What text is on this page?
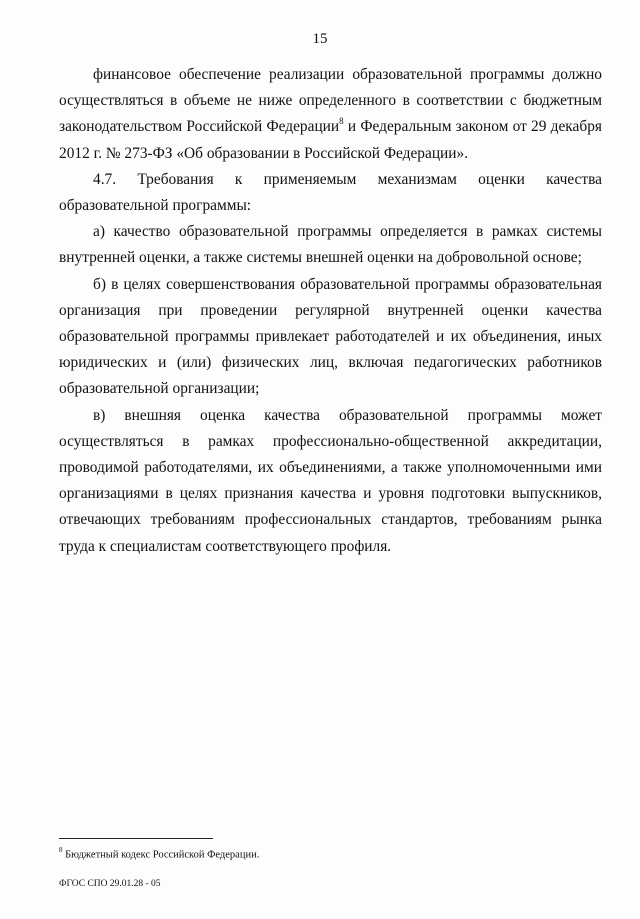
15

финансовое обеспечение реализации образовательной программы должно осуществляться в объеме не ниже определенного в соответствии с бюджетным законодательством Российской Федерации$^8$ и Федеральным законом от 29 декабря 2012 г. № 273-ФЗ «Об образовании в Российской Федерации».

4.7. Требования к применяемым механизмам оценки качества образовательной программы:

а) качество образовательной программы определяется в рамках системы внутренней оценки, а также системы внешней оценки на добровольной основе;

б) в целях совершенствования образовательной программы образовательная организация при проведении регулярной внутренней оценки качества образовательной программы привлекает работодателей и их объединения, иных юридических и (или) физических лиц, включая педагогических работников образовательной организации;

в) внешняя оценка качества образовательной программы может осуществляться в рамках профессионально-общественной аккредитации, проводимой работодателями, их объединениями, а также уполномоченными ими организациями в целях признания качества и уровня подготовки выпускников, отвечающих требованиям профессиональных стандартов, требованиям рынка труда к специалистам соответствующего профиля.

$^8$ Бюджетный кодекс Российской Федерации.
ФГОС СПО 29.01.28 - 05
